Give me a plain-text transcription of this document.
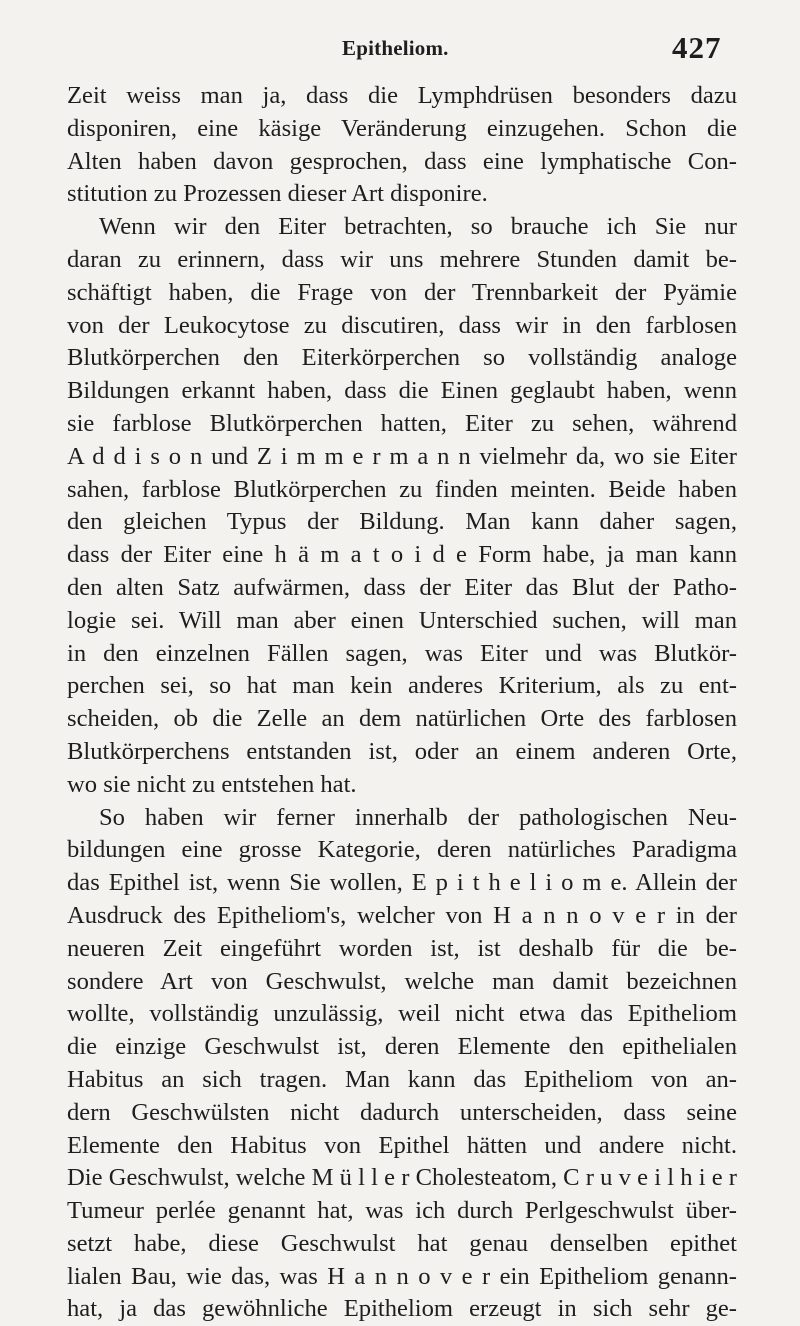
Epitheliom.	427
Zeit weiss man ja, dass die Lymphdrüsen besonders dazu
disponiren, eine käsige Veränderung einzugehen. Schon die
Alten haben davon gesprochen, dass eine lymphatische Con-
stitution zu Prozessen dieser Art disponire.
Wenn wir den Eiter betrachten, so brauche ich Sie nur
daran zu erinnern, dass wir uns mehrere Stunden damit be-
schäftigt haben, die Frage von der Trennbarkeit der Pyämie
von der Leukocytose zu discutiren, dass wir in den farblosen
Blutkörperchen den Eiterkörperchen so vollständig analoge
Bildungen erkannt haben, dass die Einen geglaubt haben, wenn
sie farblose Blutkörperchen hatten, Eiter zu sehen, während
A d d i s o n und Z i m m e r m a n n vielmehr da, wo sie Eiter
sahen, farblose Blutkörperchen zu finden meinten. Beide haben
den gleichen Typus der Bildung. Man kann daher sagen,
dass der Eiter eine h ä m a t o i d e Form habe, ja man kann
den alten Satz aufwärmen, dass der Eiter das Blut der Patho-
logie sei. Will man aber einen Unterschied suchen, will man
in den einzelnen Fällen sagen, was Eiter und was Blutkör-
perchen sei, so hat man kein anderes Kriterium, als zu ent-
scheiden, ob die Zelle an dem natürlichen Orte des farblosen
Blutkörperchens entstanden ist, oder an einem anderen Orte,
wo sie nicht zu entstehen hat.
So haben wir ferner innerhalb der pathologischen Neu-
bildungen eine grosse Kategorie, deren natürliches Paradigma
das Epithel ist, wenn Sie wollen, E p i t h e l i o m e. Allein der
Ausdruck des Epitheliom's, welcher von H a n n o v e r in der
neueren Zeit eingeführt worden ist, ist deshalb für die be-
sondere Art von Geschwulst, welche man damit bezeichnen
wollte, vollständig unzulässig, weil nicht etwa das Epitheliom
die einzige Geschwulst ist, deren Elemente den epithelialen
Habitus an sich tragen. Man kann das Epitheliom von an-
dern Geschwülsten nicht dadurch unterscheiden, dass seine
Elemente den Habitus von Epithel hätten und andere nicht.
Die Geschwulst, welche M ü l l e r Cholesteatom, C r u v e i l h i e r
Tumeur perlée genannt hat, was ich durch Perlgeschwulst über-
setzt habe, diese Geschwulst hat genau denselben epithet
lialen Bau, wie das, was H a n n o v e r ein Epitheliom genann-
hat, ja das gewöhnliche Epitheliom erzeugt in sich sehr ge-
